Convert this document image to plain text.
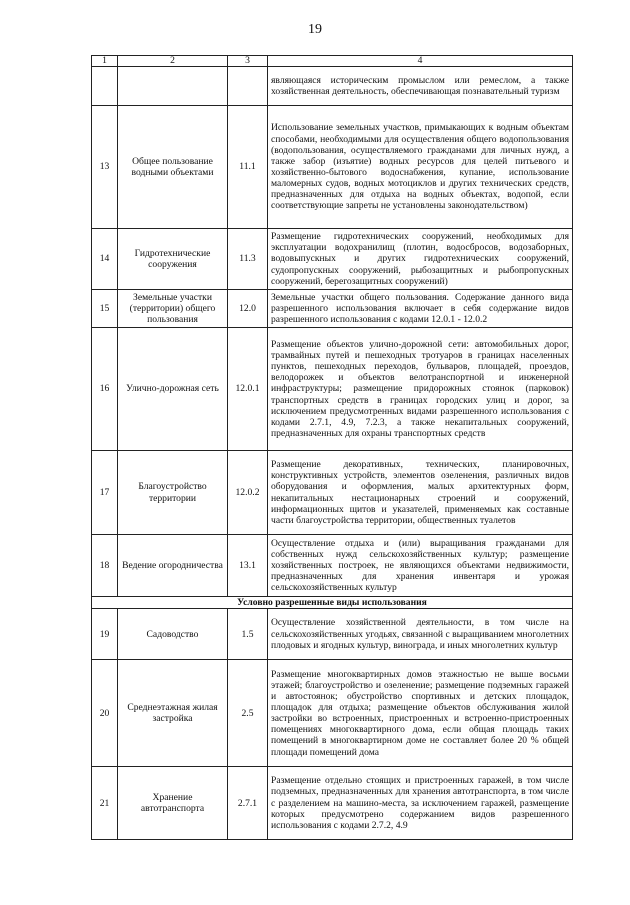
19
1	2	3	4
			являющаяся историческим промыслом или ремеслом, а также хозяйственная деятельность, обеспечивающая познавательный туризм
13	Общее пользование водными объектами	11.1	Использование земельных участков, примыкающих к водным объектам способами, необходимыми для осуществления общего водопользования (водопользования, осуществляемого гражданами для личных нужд, а также забор (изъятие) водных ресурсов для целей питьевого и хозяйственно-бытового водоснабжения, купание, использование маломерных судов, водных мотоциклов и других технических средств, предназначенных для отдыха на водных объектах, водопой, если соответствующие запреты не установлены законодательством)
14	Гидротехнические сооружения	11.3	Размещение гидротехнических сооружений, необходимых для эксплуатации водохранилищ (плотин, водосбросов, водозаборных, водовыпускных и других гидротехнических сооружений, судопропускных сооружений, рыбозащитных и рыбопропускных сооружений, берегозащитных сооружений)
15	Земельные участки (территории) общего пользования	12.0	Земельные участки общего пользования. Содержание данного вида разрешенного использования включает в себя содержание видов разрешенного использования с кодами 12.0.1 - 12.0.2
16	Улично-дорожная сеть	12.0.1	Размещение объектов улично-дорожной сети: автомобильных дорог, трамвайных путей и пешеходных тротуаров в границах населенных пунктов, пешеходных переходов, бульваров, площадей, проездов, велодорожек и объектов велотранспортной и инженерной инфраструктуры; размещение придорожных стоянок (парковок) транспортных средств в границах городских улиц и дорог, за исключением предусмотренных видами разрешенного использования с кодами 2.7.1, 4.9, 7.2.3, а также некапитальных сооружений, предназначенных для охраны транспортных средств
17	Благоустройство территории	12.0.2	Размещение декоративных, технических, планировочных, конструктивных устройств, элементов озеленения, различных видов оборудования и оформления, малых архитектурных форм, некапитальных нестационарных строений и сооружений, информационных щитов и указателей, применяемых как составные части благоустройства территории, общественных туалетов
18	Ведение огородничества	13.1	Осуществление отдыха и (или) выращивания гражданами для собственных нужд сельскохозяйственных культур; размещение хозяйственных построек, не являющихся объектами недвижимости, предназначенных для хранения инвентаря и урожая сельскохозяйственных культур
Условно разрешенные виды использования			
19	Садоводство	1.5	Осуществление хозяйственной деятельности, в том числе на сельскохозяйственных угодьях, связанной с выращиванием многолетних плодовых и ягодных культур, винограда, и иных многолетних культур
20	Среднеэтажная жилая застройка	2.5	Размещение многоквартирных домов этажностью не выше восьми этажей; благоустройство и озеленение; размещение подземных гаражей и автостоянок; обустройство спортивных и детских площадок, площадок для отдыха; размещение объектов обслуживания жилой застройки во встроенных, пристроенных и встроенно-пристроенных помещениях многоквартирного дома, если общая площадь таких помещений в многоквартирном доме не составляет более 20 % общей площади помещений дома
21	Хранение автотранспорта	2.7.1	Размещение отдельно стоящих и пристроенных гаражей, в том числе подземных, предназначенных для хранения автотранспорта, в том числе с разделением на машино-места, за исключением гаражей, размещение которых предусмотрено содержанием видов разрешенного использования с кодами 2.7.2, 4.9
